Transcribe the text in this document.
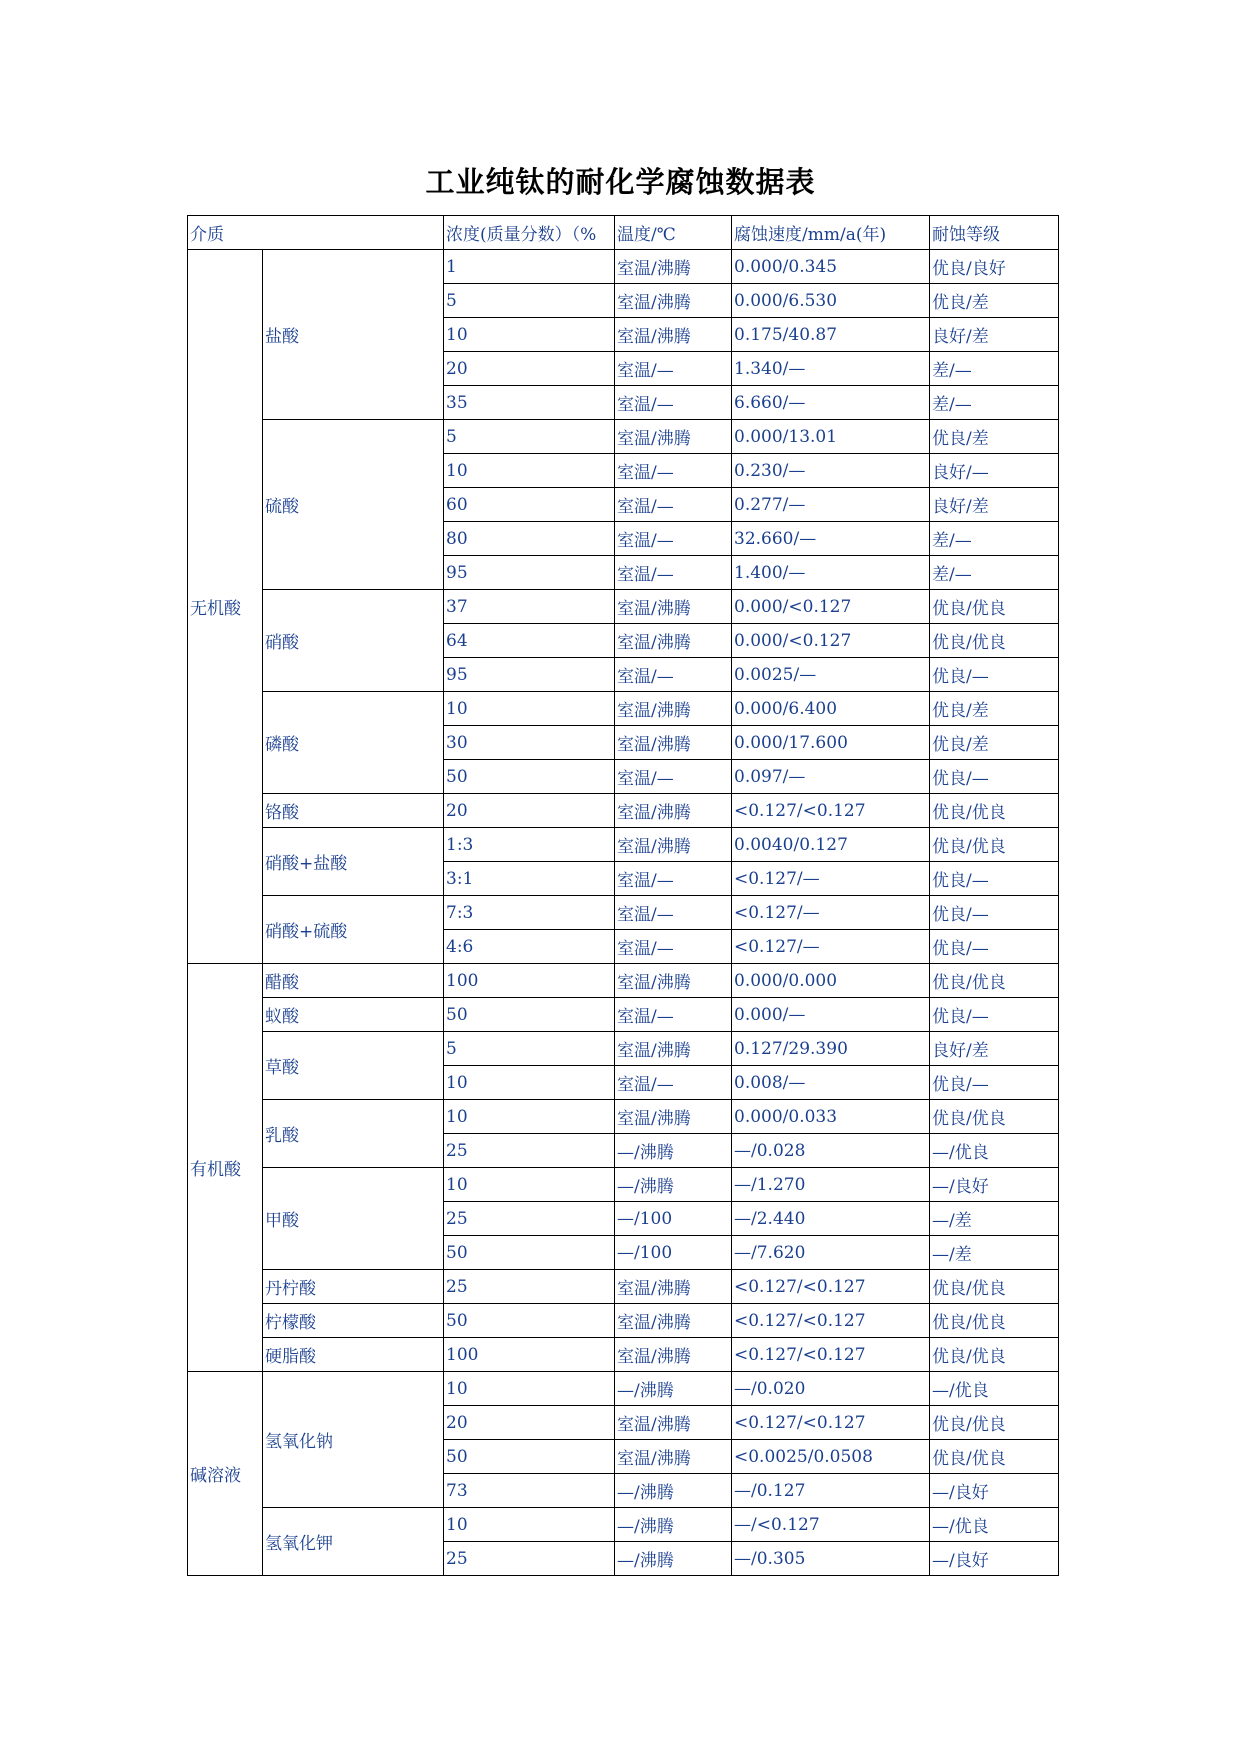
工业纯钛的耐化学腐蚀数据表
介质		浓度(质量分数）（%	温度/℃	腐蚀速度/mm/a(年)	耐蚀等级
无机酸	盐酸	1	室温/沸腾	0.000/0.345	优良/良好
		5	室温/沸腾	0.000/6.530	优良/差
		10	室温/沸腾	0.175/40.87	良好/差
		20	室温/—	1.340/—	差/—
		35	室温/—	6.660/—	差/—
	硫酸	5	室温/沸腾	0.000/13.01	优良/差
		10	室温/—	0.230/—	良好/—
		60	室温/—	0.277/—	良好/差
		80	室温/—	32.660/—	差/—
		95	室温/—	1.400/—	差/—
	硝酸	37	室温/沸腾	0.000/<0.127	优良/优良
		64	室温/沸腾	0.000/<0.127	优良/优良
		95	室温/—	0.0025/—	优良/—
	磷酸	10	室温/沸腾	0.000/6.400	优良/差
		30	室温/沸腾	0.000/17.600	优良/差
		50	室温/—	0.097/—	优良/—
	铬酸	20	室温/沸腾	<0.127/<0.127	优良/优良
	硝酸+盐酸	1:3	室温/沸腾	0.0040/0.127	优良/优良
		3:1	室温/—	<0.127/—	优良/—
	硝酸+硫酸	7:3	室温/—	<0.127/—	优良/—
		4:6	室温/—	<0.127/—	优良/—
有机酸	醋酸	100	室温/沸腾	0.000/0.000	优良/优良
	蚁酸	50	室温/—	0.000/—	优良/—
	草酸	5	室温/沸腾	0.127/29.390	良好/差
		10	室温/—	0.008/—	优良/—
	乳酸	10	室温/沸腾	0.000/0.033	优良/优良
		25	—/沸腾	—/0.028	—/优良
	甲酸	10	—/沸腾	—/1.270	—/良好
		25	—/100	—/2.440	—/差
		50	—/100	—/7.620	—/差
	丹柠酸	25	室温/沸腾	<0.127/<0.127	优良/优良
	柠檬酸	50	室温/沸腾	<0.127/<0.127	优良/优良
	硬脂酸	100	室温/沸腾	<0.127/<0.127	优良/优良
碱溶液	氢氧化钠	10	—/沸腾	—/0.020	—/优良
		20	室温/沸腾	<0.127/<0.127	优良/优良
		50	室温/沸腾	<0.0025/0.0508	优良/优良
		73	—/沸腾	—/0.127	—/良好
	氢氧化钾	10	—/沸腾	—/<0.127	—/优良
		25	—/沸腾	—/0.305	—/良好
